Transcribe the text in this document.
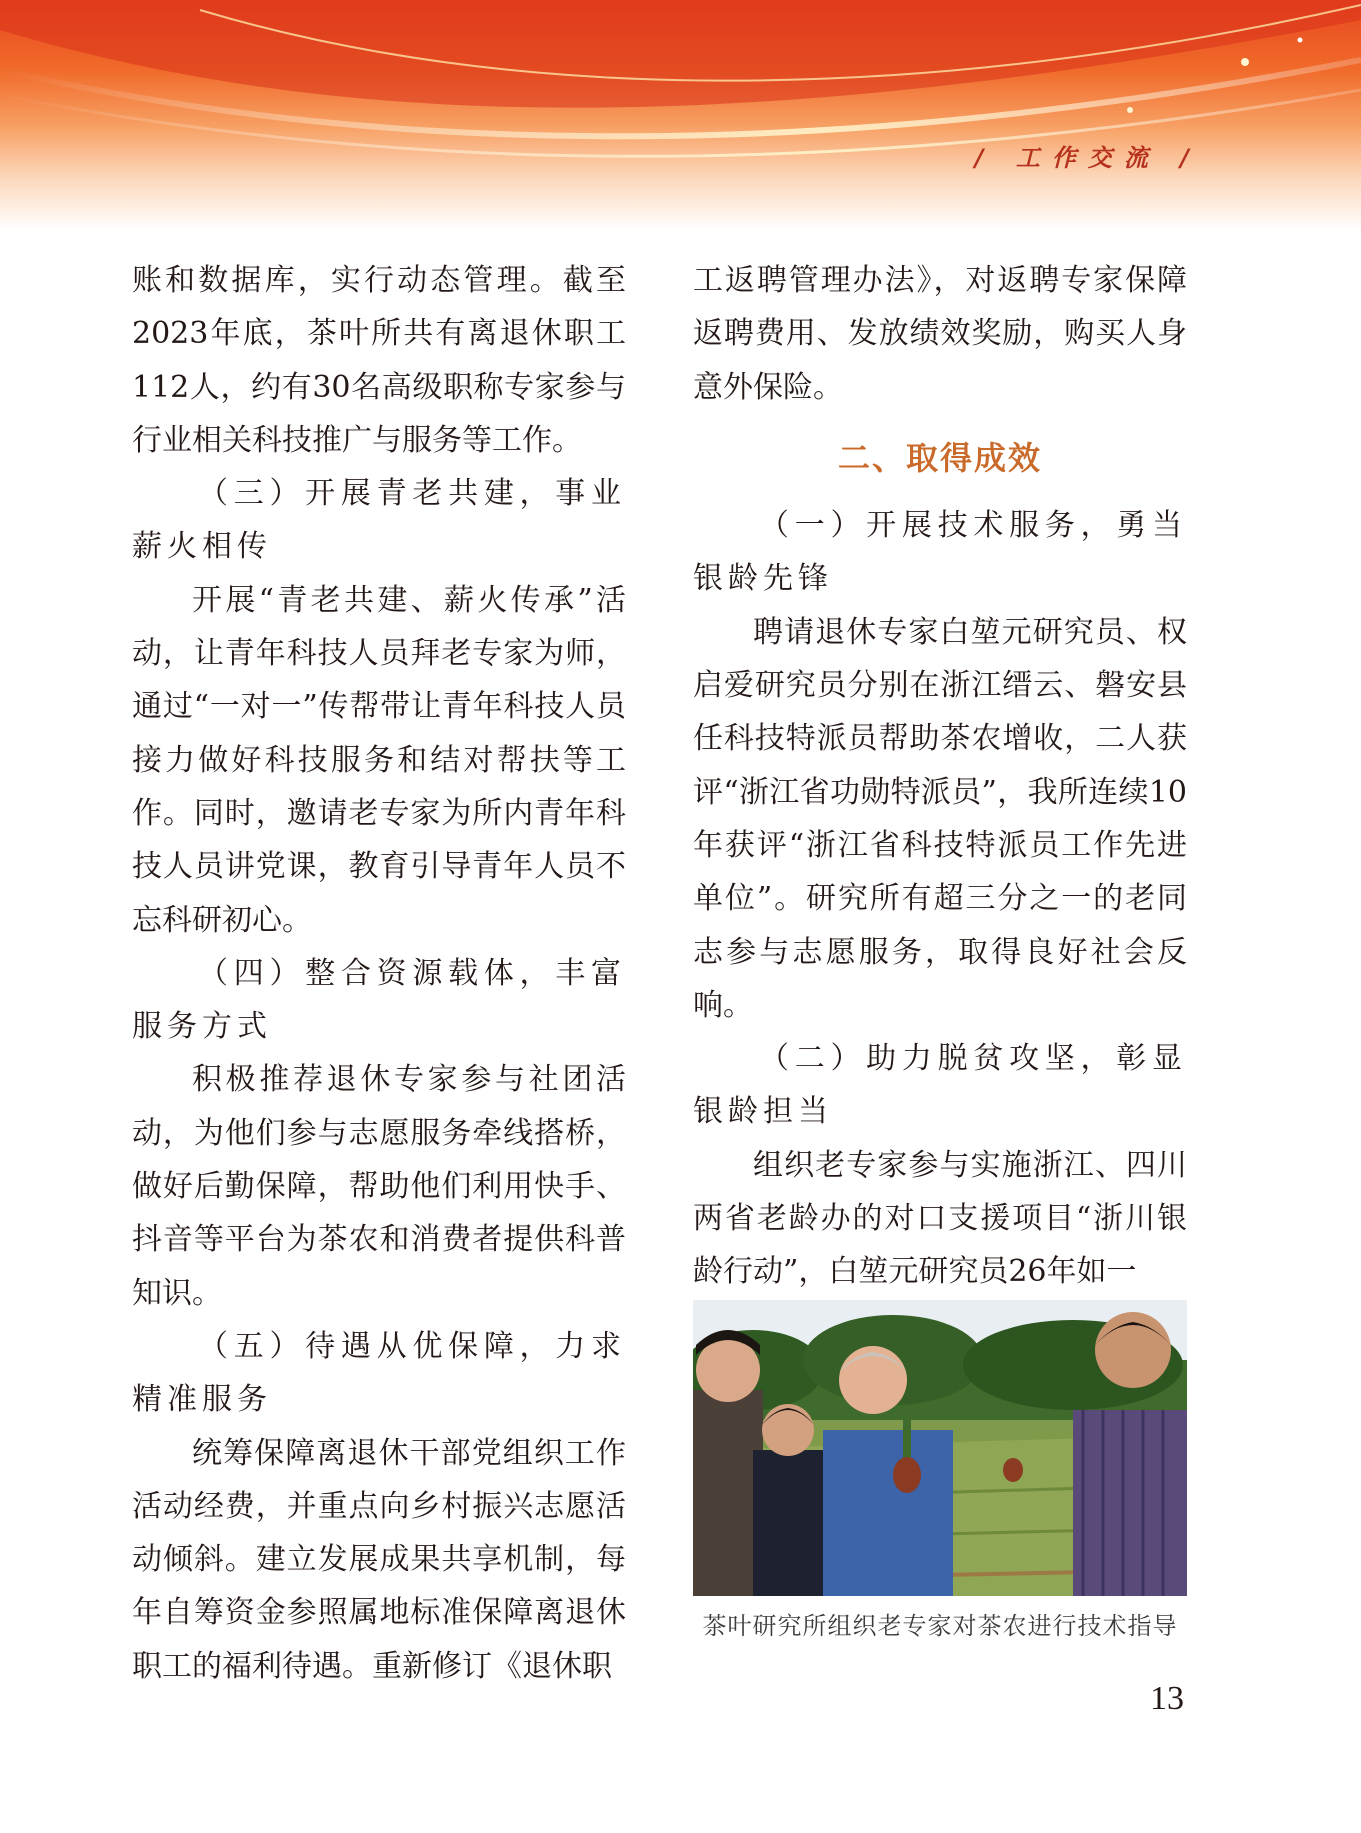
/ 工作交流 /

账和数据库，实行动态管理。截至2023年底，茶叶所共有离退休职工112人，约有30名高级职称专家参与行业相关科技推广与服务等工作。

（三）开展青老共建，事业薪火相传

开展“青老共建、薪火传承”活动，让青年科技人员拜老专家为师，通过“一对一”传帮带让青年科技人员接力做好科技服务和结对帮扶等工作。同时，邀请老专家为所内青年科技人员讲党课，教育引导青年人员不忘科研初心。

（四）整合资源载体，丰富服务方式

积极推荐退休专家参与社团活动，为他们参与志愿服务牵线搭桥，做好后勤保障，帮助他们利用快手、抖音等平台为茶农和消费者提供科普知识。

（五）待遇从优保障，力求精准服务

统筹保障离退休干部党组织工作活动经费，并重点向乡村振兴志愿活动倾斜。建立发展成果共享机制，每年自筹资金参照属地标准保障离退休职工的福利待遇。重新修订《退休职

工返聘管理办法》，对返聘专家保障返聘费用、发放绩效奖励，购买人身意外保险。

二、取得成效

（一）开展技术服务，勇当银龄先锋

聘请退休专家白堃元研究员、权启爱研究员分别在浙江缙云、磐安县任科技特派员帮助茶农增收，二人获评“浙江省功勋特派员”，我所连续10年获评“浙江省科技特派员工作先进单位”。研究所有超三分之一的老同志参与志愿服务，取得良好社会反响。

（二）助力脱贫攻坚，彰显银龄担当

组织老专家参与实施浙江、四川两省老龄办的对口支援项目“浙川银龄行动”，白堃元研究员26年如一

茶叶研究所组织老专家对茶农进行技术指导
13
